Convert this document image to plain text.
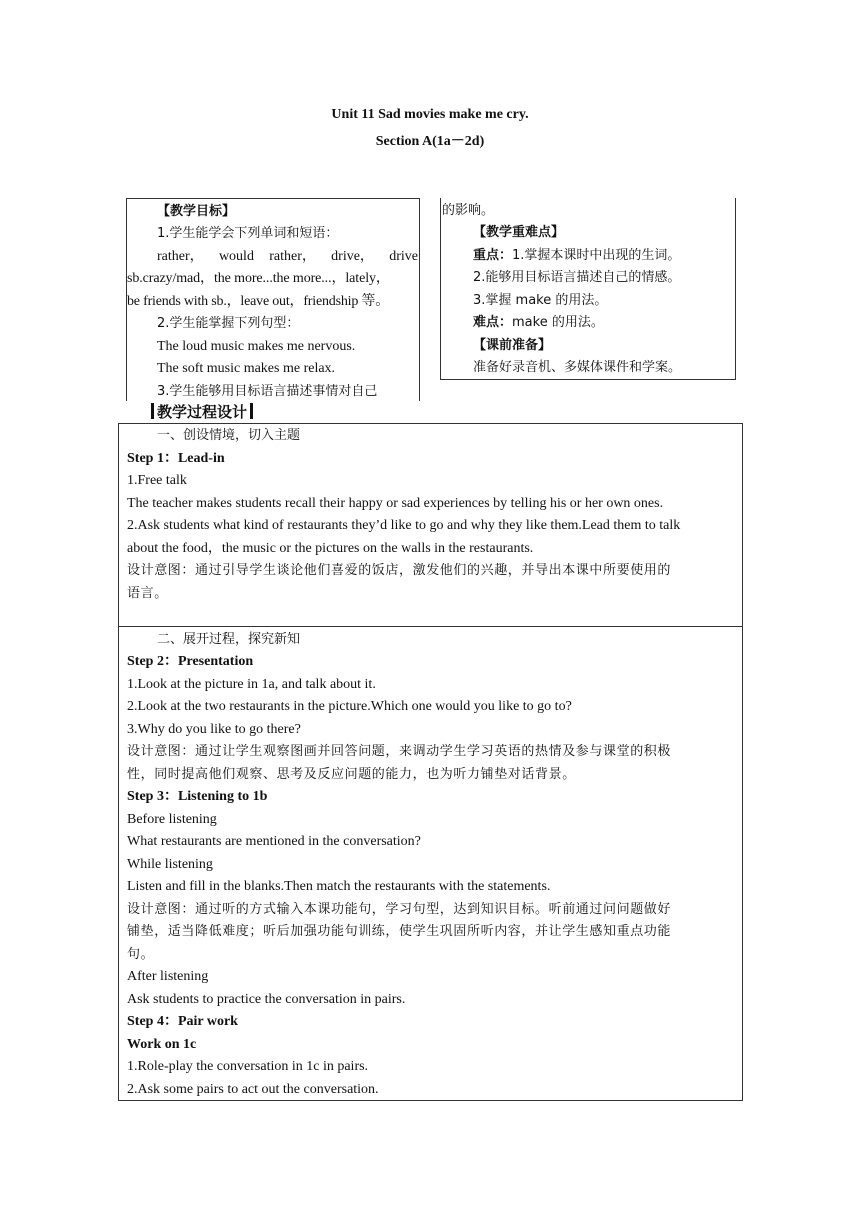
Unit 11 Sad movies make me cry.
Section A(1a－2d)
【教学目标】
1.学生能学会下列单词和短语：
rather， would rather， drive， drive
sb.crazy/mad，the more...the more...，lately，
be friends with sb.，leave out，friendship 等。
2.学生能掌握下列句型：
The loud music makes me nervous.
The soft music makes me relax.
3.学生能够用目标语言描述事情对自己
的影响。
【教学重难点】
重点：1.掌握本课时中出现的生词。
2.能够用目标语言描述自己的情感。
3.掌握 make 的用法。
难点：make 的用法。
【课前准备】
准备好录音机、多媒体课件和学案。
教学过程设计
一、创设情境，切入主题
Step 1：Lead-in
1.Free talk
The teacher makes students recall their happy or sad experiences by telling his or her own ones.
2.Ask students what kind of restaurants they’d like to go and why they like them.Lead them to talk
about the food，the music or the pictures on the walls in the restaurants.
设计意图：通过引导学生谈论他们喜爱的饭店，激发他们的兴趣，并导出本课中所要使用的
语言。
二、展开过程，探究新知
Step 2：Presentation
1.Look at the picture in 1a, and talk about it.
2.Look at the two restaurants in the picture.Which one would you like to go to?
3.Why do you like to go there?
设计意图：通过让学生观察图画并回答问题，来调动学生学习英语的热情及参与课堂的积极
性，同时提高他们观察、思考及反应问题的能力，也为听力铺垫对话背景。
Step 3：Listening to 1b
Before listening
What restaurants are mentioned in the conversation?
While listening
Listen and fill in the blanks.Then match the restaurants with the statements.
设计意图：通过听的方式输入本课功能句，学习句型，达到知识目标。听前通过问问题做好
铺垫，适当降低难度；听后加强功能句训练，使学生巩固所听内容，并让学生感知重点功能
句。
After listening
Ask students to practice the conversation in pairs.
Step 4：Pair work
Work on 1c
1.Role-play the conversation in 1c in pairs.
2.Ask some pairs to act out the conversation.
